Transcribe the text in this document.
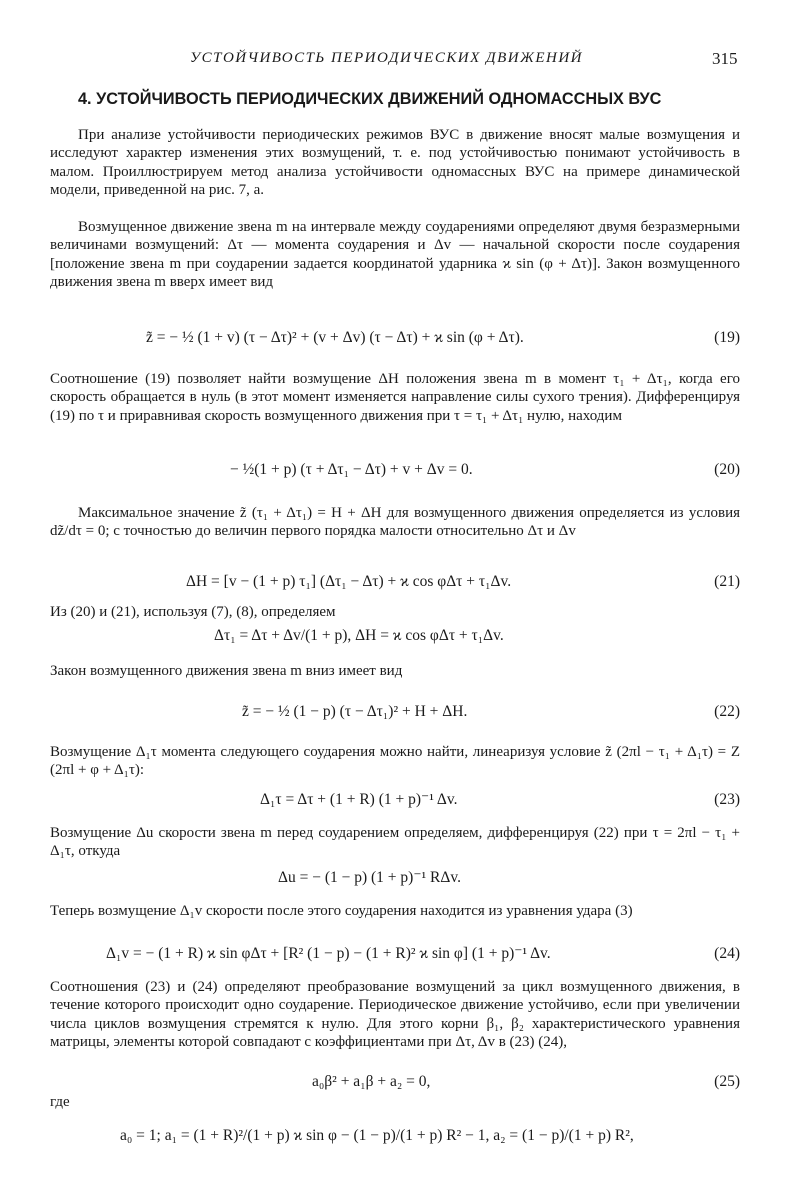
УСТОЙЧИВОСТЬ ПЕРИОДИЧЕСКИХ ДВИЖЕНИЙ	315
4. УСТОЙЧИВОСТЬ ПЕРИОДИЧЕСКИХ ДВИЖЕНИЙ ОДНОМАССНЫХ ВУС
При анализе устойчивости периодических режимов ВУС в движение вносят малые возмущения и исследуют характер изменения этих возмущений, т. е. под устойчивостью понимают устойчивость в малом. Проиллюстрируем метод анализа устойчивости одномассных ВУС на примере динамической модели, приведенной на рис. 7, а.
Возмущенное движение звена m на интервале между соударениями определяют двумя безразмерными величинами возмущений: Δτ — момента соударения и Δv — начальной скорости после соударения [положение звена m при соударении задается координатой ударника ϰ sin (φ + Δτ)]. Закон возмущенного движения звена m вверх имеет вид
z̃ = − ½ (1 + v) (τ − Δτ)² + (v + Δv) (τ − Δτ) + ϰ sin (φ + Δτ).	(19)
Соотношение (19) позволяет найти возмущение ΔH положения звена m в момент τ₁ + Δτ₁, когда его скорость обращается в нуль (в этот момент изменяется направление силы сухого трения). Дифференцируя (19) по τ и приравнивая скорость возмущенного движения при τ = τ₁ + Δτ₁ нулю, находим
− ½(1 + p) (τ + Δτ₁ − Δτ) + v + Δv = 0.	(20)
Максимальное значение z̃ (τ₁ + Δτ₁) = H + ΔH для возмущенного движения определяется из условия dz̃/dτ = 0; с точностью до величин первого порядка малости относительно Δτ и Δv
ΔH = [v − (1 + p) τ₁] (Δτ₁ − Δτ) + ϰ cos φΔτ + τ₁Δv.	(21)
Из (20) и (21), используя (7), (8), определяем
Δτ₁ = Δτ + Δv/(1 + p), ΔH = ϰ cos φΔτ + τ₁Δv.
Закон возмущенного движения звена m вниз имеет вид
z̃ = − ½ (1 − p) (τ − Δτ₁)² + H + ΔH.	(22)
Возмущение Δ₁τ момента следующего соударения можно найти, линеаризуя условие z̃ (2πl − τ₁ + Δ₁τ) = Z (2πl + φ + Δ₁τ):
Δ₁τ = Δτ + (1 + R) (1 + p)⁻¹ Δv.	(23)
Возмущение Δu скорости звена m перед соударением определяем, дифференцируя (22) при τ = 2πl − τ₁ + Δ₁τ, откуда
Δu = − (1 − p) (1 + p)⁻¹ RΔv.
Теперь возмущение Δ₁v скорости после этого соударения находится из уравнения удара (3)
Δ₁v = − (1 + R) ϰ sin φΔτ + [R² (1 − p) − (1 + R)² ϰ sin φ] (1 + p)⁻¹ Δv.	(24)
Соотношения (23) и (24) определяют преобразование возмущений за цикл возмущенного движения, в течение которого происходит одно соударение. Периодическое движение устойчиво, если при увеличении числа циклов возмущения стремятся к нулю. Для этого корни β₁, β₂ характеристического уравнения матрицы, элементы которой совпадают с коэффициентами при Δτ, Δv в (23) (24),
a₀β² + a₁β + a₂ = 0,	(25)
где
a₀ = 1; a₁ = (1 + R)²/(1 + p) ϰ sin φ − (1 − p)/(1 + p) R² − 1, a₂ = (1 − p)/(1 + p) R²,
